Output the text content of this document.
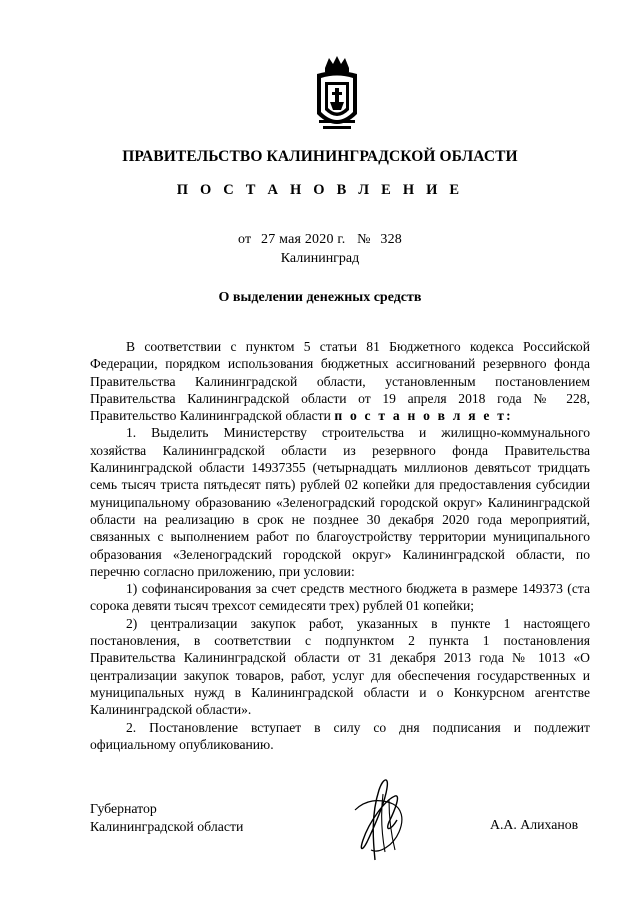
ПРАВИТЕЛЬСТВО КАЛИНИНГРАДСКОЙ ОБЛАСТИ
П О С Т А Н О В Л Е Н И Е
от 27 мая 2020 г. № 328
Калининград
О выделении денежных средств

В соответствии с пунктом 5 статьи 81 Бюджетного кодекса Российской Федерации, порядком использования бюджетных ассигнований резервного фонда Правительства Калининградской области, установленным постановлением Правительства Калининградской области от 19 апреля 2018 года № 228, Правительство Калининградской области п о с т а н о в л я е т:

1. Выделить Министерству строительства и жилищно-коммунального хозяйства Калининградской области из резервного фонда Правительства Калининградской области 14937355 (четырнадцать миллионов девятьсот тридцать семь тысяч триста пятьдесят пять) рублей 02 копейки для предоставления субсидии муниципальному образованию «Зеленоградский городской округ» Калининградской области на реализацию в срок не позднее 30 декабря 2020 года мероприятий, связанных с выполнением работ по благоустройству территории муниципального образования «Зеленоградский городской округ» Калининградской области, по перечню согласно приложению, при условии:

1) софинансирования за счет средств местного бюджета в размере 149373 (ста сорока девяти тысяч трехсот семидесяти трех) рублей 01 копейки;

2) централизации закупок работ, указанных в пункте 1 настоящего постановления, в соответствии с подпунктом 2 пункта 1 постановления Правительства Калининградской области от 31 декабря 2013 года № 1013 «О централизации закупок товаров, работ, услуг для обеспечения государственных и муниципальных нужд в Калининградской области и о Конкурсном агентстве Калининградской области».

2. Постановление вступает в силу со дня подписания и подлежит официальному опубликованию.

Губернатор
Калининградской области	А.А. Алиханов
